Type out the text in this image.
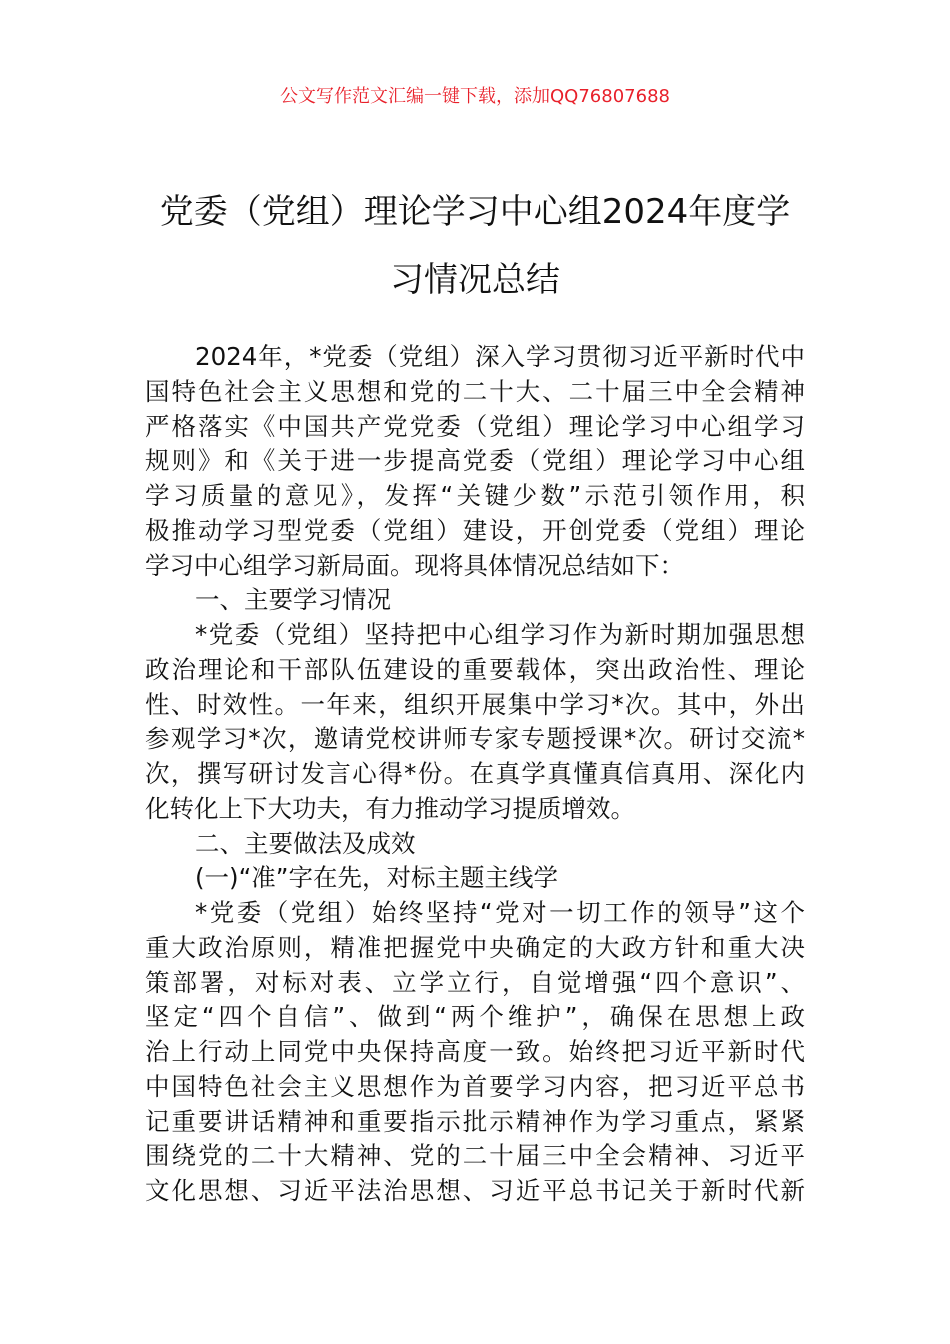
公文写作范文汇编一键下载，添加QQ76807688
党委（党组）理论学习中心组2024年度学
习情况总结
2024年，*党委（党组）深入学习贯彻习近平新时代中
国特色社会主义思想和党的二十大、二十届三中全会精神
严格落实《中国共产党党委（党组）理论学习中心组学习
规则》和《关于进一步提高党委（党组）理论学习中心组
学习质量的意见》，发挥“关键少数”示范引领作用，积
极推动学习型党委（党组）建设，开创党委（党组）理论
学习中心组学习新局面。现将具体情况总结如下：
一、主要学习情况
*党委（党组）坚持把中心组学习作为新时期加强思想
政治理论和干部队伍建设的重要载体，突出政治性、理论
性、时效性。一年来，组织开展集中学习*次。其中，外出
参观学习*次，邀请党校讲师专家专题授课*次。研讨交流*
次，撰写研讨发言心得*份。在真学真懂真信真用、深化内
化转化上下大功夫，有力推动学习提质增效。
二、主要做法及成效
(一)“准”字在先，对标主题主线学
*党委（党组）始终坚持“党对一切工作的领导”这个
重大政治原则，精准把握党中央确定的大政方针和重大决
策部署，对标对表、立学立行，自觉增强“四个意识”、
坚定“四个自信”、做到“两个维护”，确保在思想上政
治上行动上同党中央保持高度一致。始终把习近平新时代
中国特色社会主义思想作为首要学习内容，把习近平总书
记重要讲话精神和重要指示批示精神作为学习重点，紧紧
围绕党的二十大精神、党的二十届三中全会精神、习近平
文化思想、习近平法治思想、习近平总书记关于新时代新
